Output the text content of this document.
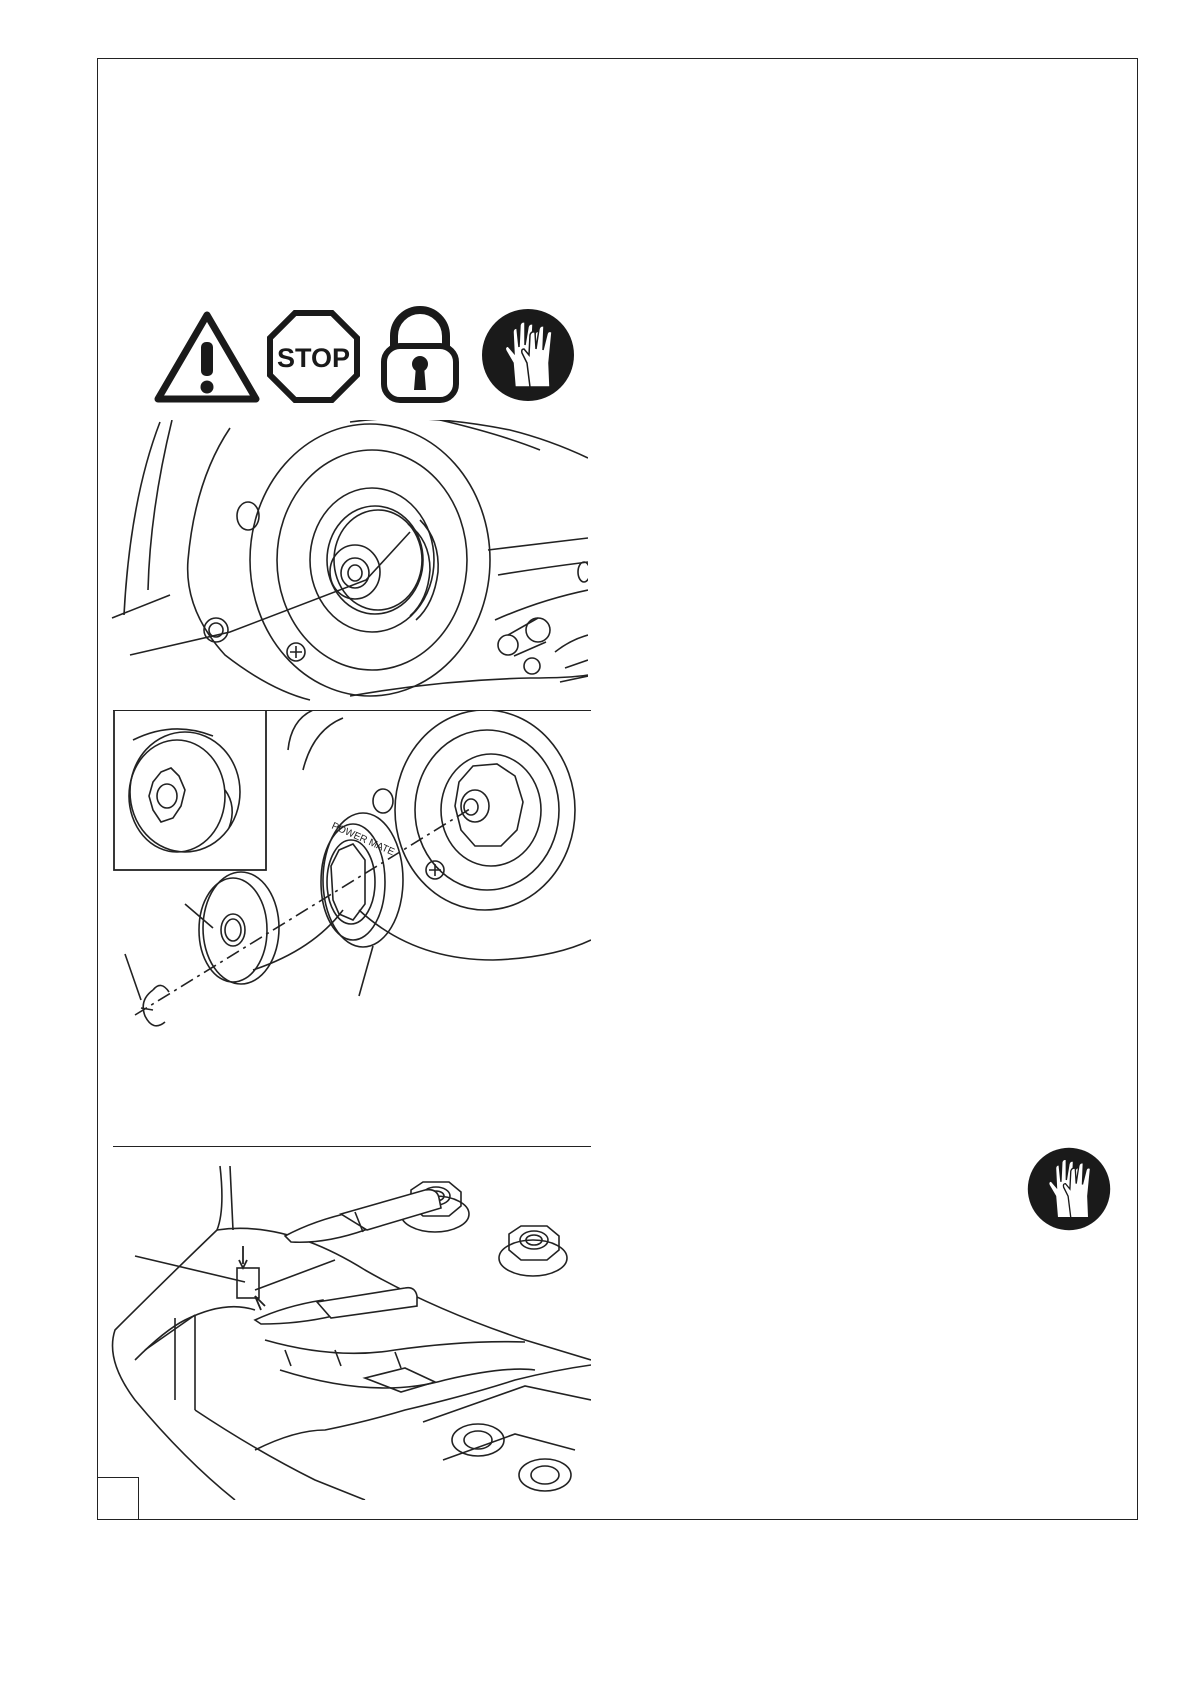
STOP
POWER MATE
